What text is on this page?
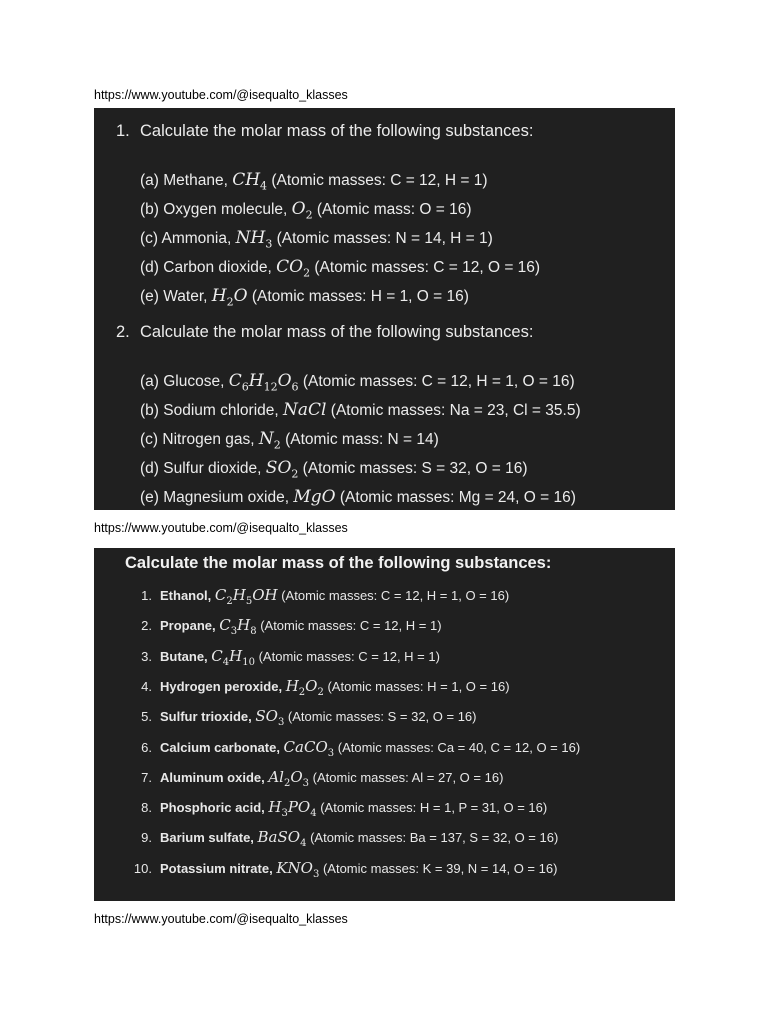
https://www.youtube.com/@isequalto_klasses
1. Calculate the molar mass of the following substances:
(a) Methane, $CH_4$ (Atomic masses: C = 12, H = 1)
(b) Oxygen molecule, $O_2$ (Atomic mass: O = 16)
(c) Ammonia, $NH_3$ (Atomic masses: N = 14, H = 1)
(d) Carbon dioxide, $CO_2$ (Atomic masses: C = 12, O = 16)
(e) Water, $H_2O$ (Atomic masses: H = 1, O = 16)
2. Calculate the molar mass of the following substances:
(a) Glucose, $C_6H_{12}O_6$ (Atomic masses: C = 12, H = 1, O = 16)
(b) Sodium chloride, NaCl (Atomic masses: Na = 23, Cl = 35.5)
(c) Nitrogen gas, $N_2$ (Atomic mass: N = 14)
(d) Sulfur dioxide, $SO_2$ (Atomic masses: S = 32, O = 16)
(e) Magnesium oxide, MgO (Atomic masses: Mg = 24, O = 16)
https://www.youtube.com/@isequalto_klasses
Calculate the molar mass of the following substances:
1. Ethanol, $C_2H_5OH$ (Atomic masses: C = 12, H = 1, O = 16)
2. Propane, $C_3H_8$ (Atomic masses: C = 12, H = 1)
3. Butane, $C_4H_{10}$ (Atomic masses: C = 12, H = 1)
4. Hydrogen peroxide, $H_2O_2$ (Atomic masses: H = 1, O = 16)
5. Sulfur trioxide, $SO_3$ (Atomic masses: S = 32, O = 16)
6. Calcium carbonate, CaCO$_3$ (Atomic masses: Ca = 40, C = 12, O = 16)
7. Aluminum oxide, $Al_2O_3$ (Atomic masses: Al = 27, O = 16)
8. Phosphoric acid, $H_3PO_4$ (Atomic masses: H = 1, P = 31, O = 16)
9. Barium sulfate, BaSO$_4$ (Atomic masses: Ba = 137, S = 32, O = 16)
10. Potassium nitrate, $KNO_3$ (Atomic masses: K = 39, N = 14, O = 16)
https://www.youtube.com/@isequalto_klasses
